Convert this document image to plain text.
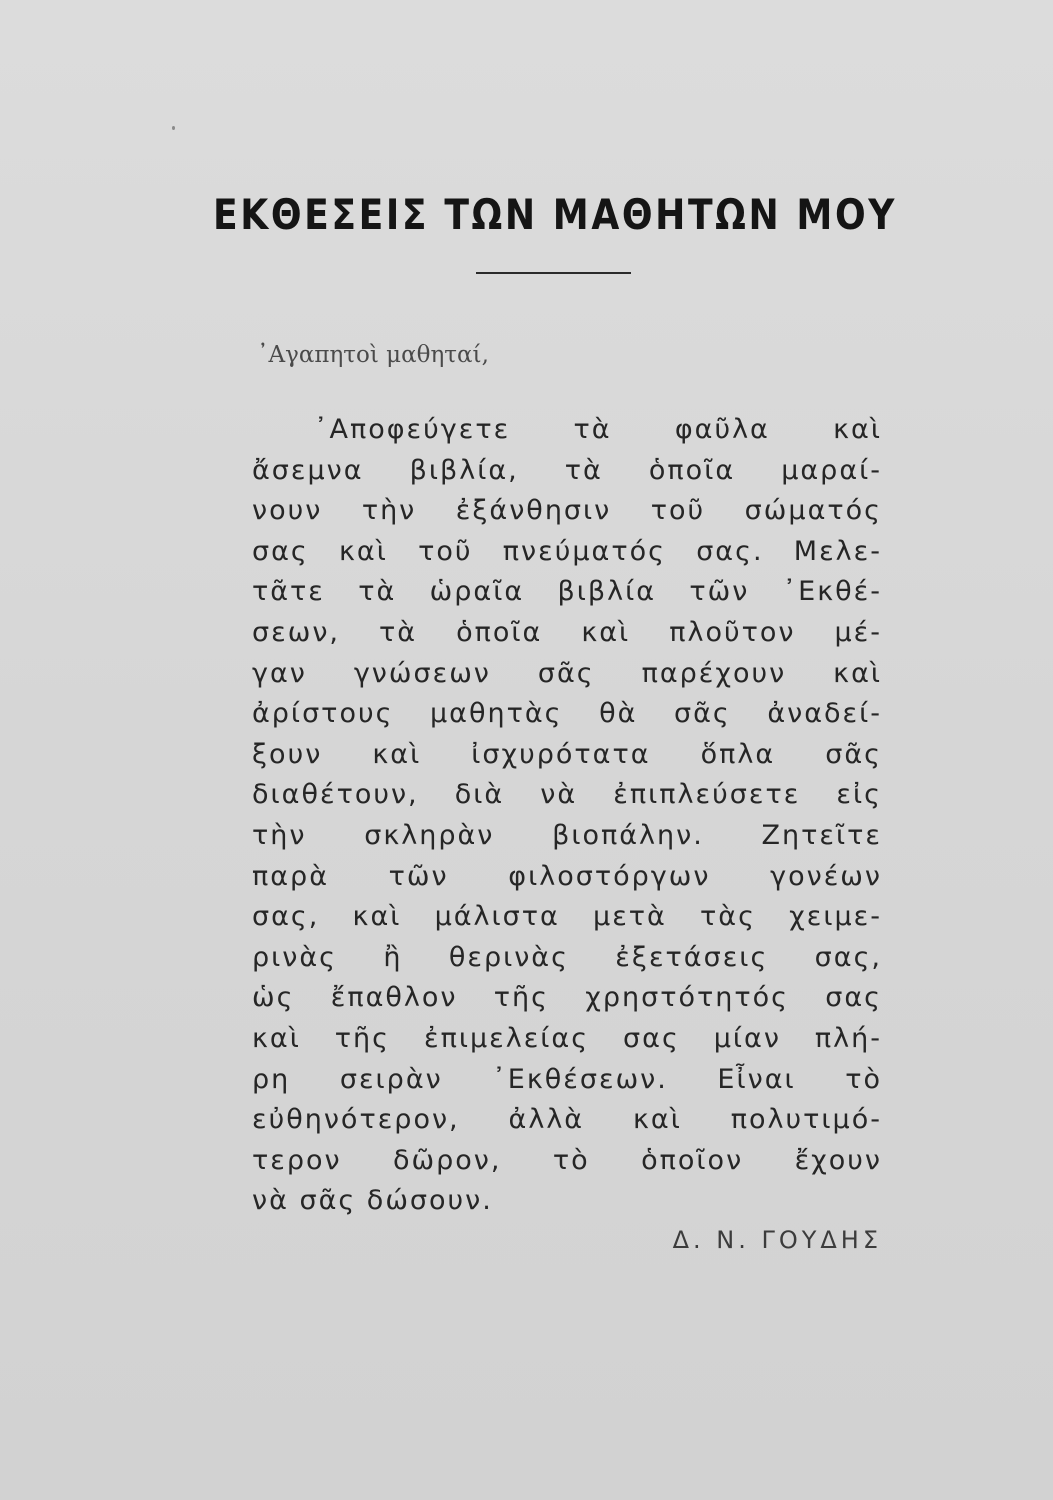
ΕΚΘΕΣΕΙΣ ΤΩΝ ΜΑΘΗΤΩΝ ΜΟΥ
᾿Αγαπητοὶ μαθηταί,
᾿Αποφεύγετε τὰ φαῦλα καὶ
ἄσεμνα βιβλία, τὰ ὁποῖα μαραί-
νουν τὴν ἐξάνθησιν τοῦ σώματός
σας καὶ τοῦ πνεύματός σας. Μελε-
τᾶτε τὰ ὡραῖα βιβλία τῶν ᾿Εκθέ-
σεων, τὰ ὁποῖα καὶ πλοῦτον μέ-
γαν γνώσεων σᾶς παρέχουν καὶ
ἀρίστους μαθητὰς θὰ σᾶς ἀναδεί-
ξουν καὶ ἰσχυρότατα ὅπλα σᾶς
διαθέτουν, διὰ νὰ ἐπιπλεύσετε εἰς
τὴν σκληρὰν βιοπάλην. Ζητεῖτε
παρὰ τῶν φιλοστόργων γονέων
σας, καὶ μάλιστα μετὰ τὰς χειμε-
ρινὰς ἢ θερινὰς ἐξετάσεις σας,
ὡς ἔπαθλον τῆς χρηστότητός σας
καὶ τῆς ἐπιμελείας σας μίαν πλή-
ρη σειρὰν ᾿Εκθέσεων. Εἶναι τὸ
εὐθηνότερον, ἀλλὰ καὶ πολυτιμό-
τερον δῶρον, τὸ ὁποῖον ἔχουν
νὰ σᾶς δώσουν.
Δ. Ν. ΓΟΥΔΗΣ
